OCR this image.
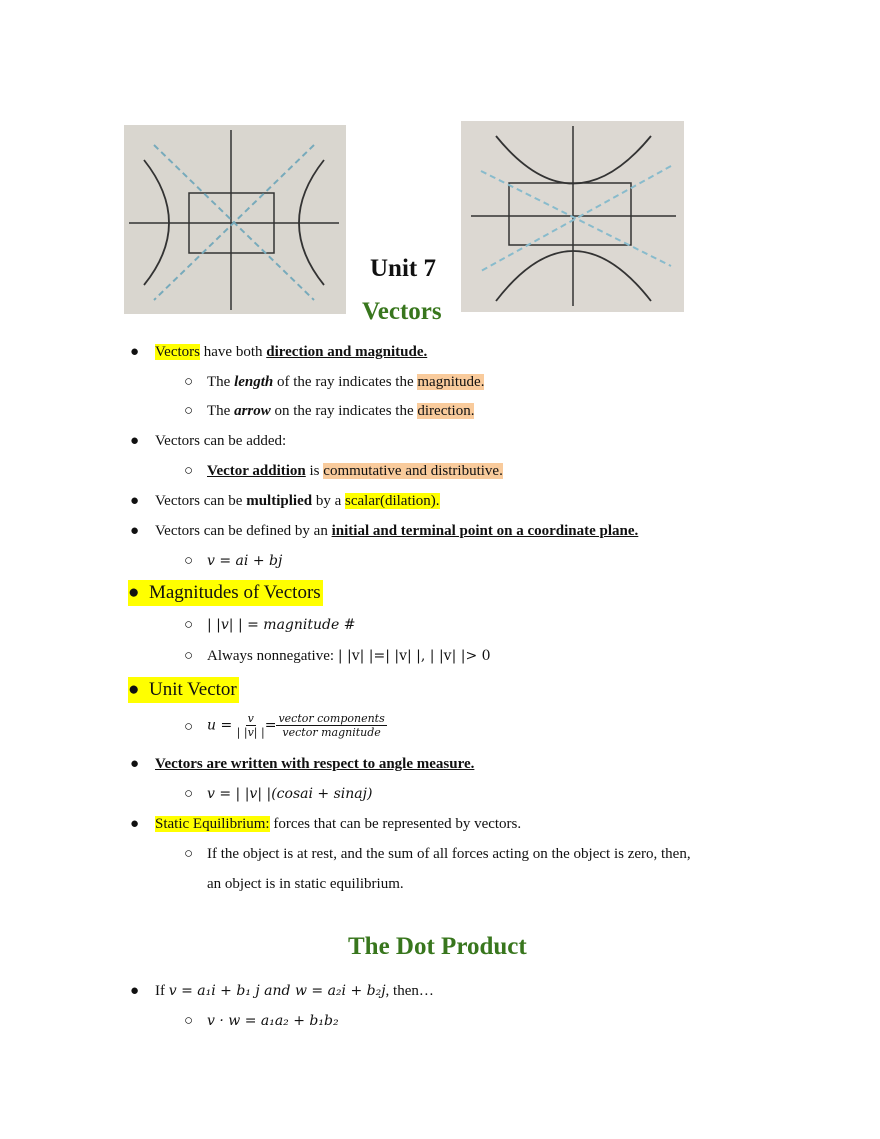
Unit 7
Vectors
● Vectors have both direction and magnitude.
○ The length of the ray indicates the magnitude.
○ The arrow on the ray indicates the direction.
● Vectors can be added:
○ Vector addition is commutative and distributive.
● Vectors can be multiplied by a scalar(dilation).
● Vectors can be defined by an initial and terminal point on a coordinate plane.
○ v = ai + bj
● Magnitudes of Vectors
○ | |v| | = magnitude #
○ Always nonnegative: | |v| |=| |v| |, | |v| |> 0
● Unit Vector
○ $u = \frac{v}{| |v| |} = \frac{\text{vector components}}{\text{vector magnitude}}$
● Vectors are written with respect to angle measure.
○ v = | |v| |(cosai + sinaj)
● Static Equilibrium: forces that can be represented by vectors.
○ If the object is at rest, and the sum of all forces acting on the object is zero, then,
an object is in static equilibrium.
The Dot Product
● If v = a₁i + b₁ j and w = a₂i + b₂j, then…
○ v · w = a₁a₂ + b₁b₂
